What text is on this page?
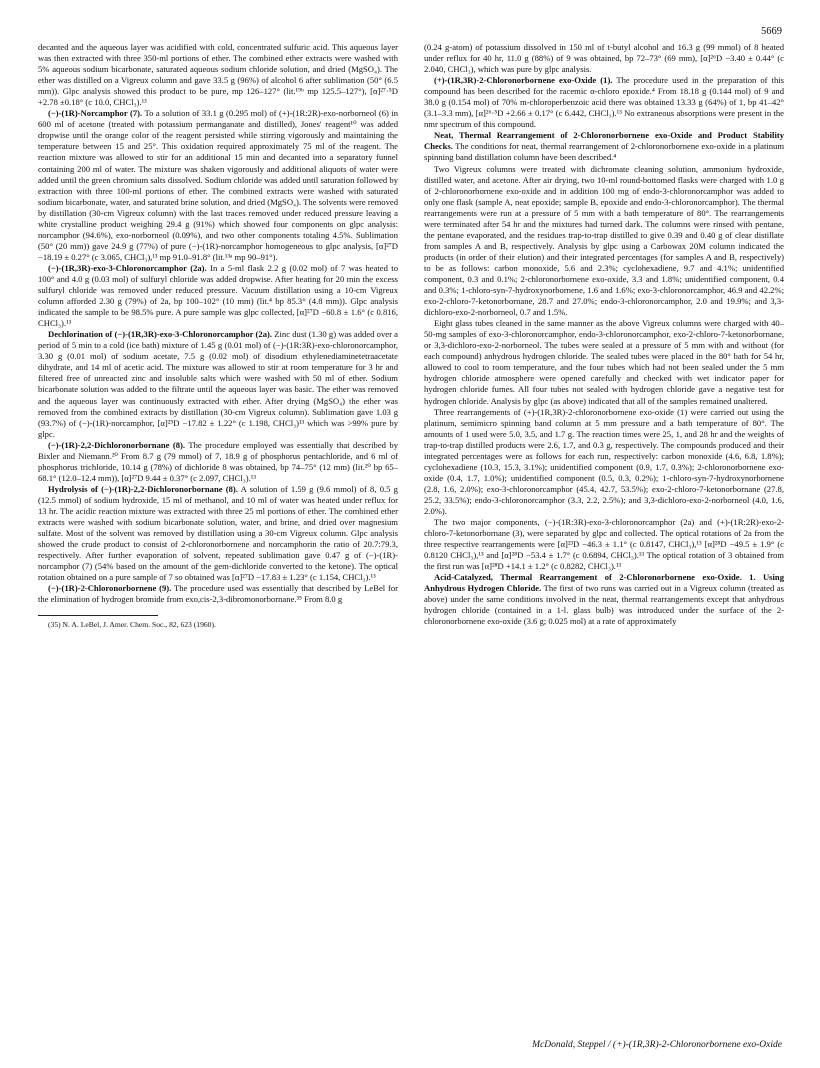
5669

decanted and the aqueous layer was acidified with cold, concentrated sulfuric acid. This aqueous layer was then extracted with three 350-ml portions of ether. The combined ether extracts were washed with 5% aqueous sodium bicarbonate, saturated aqueous sodium chloride solution, and dried (MgSO₄). The ether was distilled on a Vigreux column and gave 33.5 g (96%) of alcohol 6 after sublimation (50° (6.5 mm)). Glpc analysis showed this product to be pure, mp 126–127° (lit.¹⁹ᵇ mp 125.5–127°), [α]²⁷·⁵D +2.78 ±0.18° (c 10.0, CHCl₃).¹³

(−)-(1R)-Norcamphor (7). To a solution of 33.1 g (0.295 mol) of (+)-(1R:2R)-exo-norborneol (6) in 600 ml of acetone (treated with potassium permanganate and distilled), Jones' reagent¹⁰ was added dropwise until the orange color of the reagent persisted while stirring vigorously and maintaining the temperature between 15 and 25°. This oxidation required approximately 75 ml of the reagent. The reaction mixture was allowed to stir for an additional 15 min and decanted into a separatory funnel containing 200 ml of water. The mixture was shaken vigorously and additional aliquots of water were added until the green chromium salts dissolved. Sodium chloride was added until saturation followed by extraction with three 100-ml portions of ether. The combined extracts were washed with saturated sodium bicarbonate, water, and saturated brine solution, and dried (MgSO₄). The solvents were removed by distillation (30-cm Vigreux column) with the last traces removed under reduced pressure leaving a white crystalline product weighing 29.4 g (91%) which showed four components on glpc analysis: norcamphor (94.6%), exo-norborneol (0.09%), and two other components totaling 4.5%. Sublimation (50° (20 mm)) gave 24.9 g (77%) of pure (−)-(1R)-norcamphor homogeneous to glpc analysis, [α]²⁷D −18.19 ± 0.27° (c 3.065, CHCl₃),¹³ mp 91.0–91.8° (lit.¹³ᵃ mp 90–91°).

(−)-(1R,3R)-exo-3-Chloronorcamphor (2a). In a 5-ml flask 2.2 g (0.02 mol) of 7 was heated to 100° and 4.0 g (0.03 mol) of sulfuryl chloride was added dropwise. After heating for 20 min the excess sulfuryl chloride was removed under reduced pressure. Vacuum distillation using a 10-cm Vigreux column afforded 2.30 g (79%) of 2a, bp 100–102° (10 mm) (lit.⁴ bp 85.3° (4.8 mm)). Glpc analysis indicated the sample to be 98.5% pure. A pure sample was glpc collected, [α]²⁷D −60.8 ± 1.6° (c 0.816, CHCl₃).¹³

Dechlorination of (−)-(1R,3R)-exo-3-Chloronorcamphor (2a). Zinc dust (1.30 g) was added over a period of 5 min to a cold (ice bath) mixture of 1.45 g (0.01 mol) of (−)-(1R:3R)-exo-chloronorcamphor, 3.30 g (0.01 mol) of sodium acetate, 7.5 g (0.02 mol) of disodium ethylenediaminetetraacetate dihydrate, and 14 ml of acetic acid. The mixture was allowed to stir at room temperature for 3 hr and filtered free of unreacted zinc and insoluble salts which were washed with 50 ml of ether. Sodium bicarbonate solution was added to the filtrate until the aqueous layer was basic. The ether was removed and the aqueous layer was continuously extracted with ether. After drying (MgSO₄) the ether was removed from the combined extracts by distillation (30-cm Vigreux column). Sublimation gave 1.03 g (93.7%) of (−)-(1R)-norcamphor, [α]²⁵D −17.82 ± 1.22° (c 1.198, CHCl₃)¹³ which was >99% pure by glpc.

(−)-(1R)-2,2-Dichloronorbornane (8). The procedure employed was essentially that described by Bixler and Niemann.²⁰ From 8.7 g (79 mmol) of 7, 18.9 g of phosphorus pentachloride, and 6 ml of phosphorus trichloride, 10.14 g (78%) of dichloride 8 was obtained, bp 74–75° (12 mm) (lit.²⁰ bp 65–68.1° (12.0–12.4 mm)), [α]²⁷D 9.44 ± 0.37° (c 2.097, CHCl₃).¹³

Hydrolysis of (−)-(1R)-2,2-Dichloronorbornane (8). A solution of 1.59 g (9.6 mmol) of 8, 0.5 g (12.5 mmol) of sodium hydroxide, 15 ml of methanol, and 10 ml of water was heated under reflux for 13 hr. The acidic reaction mixture was extracted with three 25 ml portions of ether. The combined ether extracts were washed with sodium bicarbonate solution, water, and brine, and dried over magnesium sulfate. Most of the solvent was removed by distillation using a 30-cm Vigreux column. Glpc analysis showed the crude product to consist of 2-chloronorbornene and norcamphorin the ratio of 20.7:79.3, respectively. After further evaporation of solvent, repeated sublimation gave 0.47 g of (−)-(1R)-norcamphor (7) (54% based on the amount of the gem-dichloride converted to the ketone). The optical rotation obtained on a pure sample of 7 so obtained was [α]²⁷D −17.83 ± 1.23° (c 1.154, CHCl₃).¹³

(−)-(1R)-2-Chloronorbornene (9). The procedure used was essentially that described by LeBel for the elimination of hydrogen bromide from exo,cis-2,3-dibromonorbornane.³⁵ From 8.0 g

(35) N. A. LeBel, J. Amer. Chem. Soc., 82, 623 (1960).

(0.24 g-atom) of potassium dissolved in 150 ml of t-butyl alcohol and 16.3 g (99 mmol) of 8 heated under reflux for 40 hr, 11.0 g (88%) of 9 was obtained, bp 72–73° (69 mm), [α]²⁶D −3.40 ± 0.44° (c 2.040, CHCl₃), which was pure by glpc analysis.

(+)-(1R,3R)-2-Chloronorbornene exo-Oxide (1). The procedure used in the preparation of this compound has been described for the racemic α-chloro epoxide.⁴ From 18.18 g (0.144 mol) of 9 and 38.0 g (0.154 mol) of 70% m-chloroperbenzoic acid there was obtained 13.33 g (64%) of 1, bp 41–42° (3.1–3.3 mm), [α]²⁶·⁵D +2.66 ± 0.17° (c 6.442, CHCl₃).¹³ No extraneous absorptions were present in the nmr spectrum of this compound.

Neat, Thermal Rearrangement of 2-Chloronorbornene exo-Oxide and Product Stability Checks. The conditions for neat, thermal rearrangement of 2-chloronorbornene exo-oxide in a platinum spinning band distillation column have been described.⁴

Two Vigreux columns were treated with dichromate cleaning solution, ammonium hydroxide, distilled water, and acetone. After air drying, two 10-ml round-bottomed flasks were charged with 1.0 g of 2-chloronorbornene exo-oxide and in addition 100 mg of endo-3-chloronorcamphor was added to only one flask (sample A, neat epoxide; sample B, epoxide and endo-3-chloronorcamphor). The thermal rearrangements were run at a pressure of 5 mm with a bath temperature of 80°. The rearrangements were terminated after 54 hr and the mixtures had turned dark. The columns were rinsed with pentane, the pentane evaporated, and the residues trap-to-trap distilled to give 0.39 and 0.40 g of clear distillate from samples A and B, respectively. Analysis by glpc using a Carbowax 20M column indicated the products (in order of their elution) and their integrated percentages (for samples A and B, respectively) to be as follows: carbon monoxide, 5.6 and 2.3%; cyclohexadiene, 9.7 and 4.1%; unidentified component, 0.3 and 0.1%; 2-chloronorbornene exo-oxide, 3.3 and 1.8%; unidentified component, 0.4 and 0.3%; 1-chloro-syn-7-hydroxynorbornene, 1.6 and 1.6%; exo-3-chloronorcamphor, 46.9 and 42.2%; exo-2-chloro-7-ketonorbornane, 28.7 and 27.0%; endo-3-chloronorcamphor, 2.0 and 19.9%; and 3,3-dichloro-exo-2-norborneol, 0.7 and 1.5%.

Eight glass tubes cleaned in the same manner as the above Vigreux columns were charged with 40–50-mg samples of exo-3-chloronorcamphor, endo-3-chloronorcamphor, exo-2-chloro-7-ketonorbornane, or 3,3-dichloro-exo-2-norborneol. The tubes were sealed at a pressure of 5 mm with and without (for each compound) anhydrous hydrogen chloride. The sealed tubes were placed in the 80° bath for 54 hr, allowed to cool to room temperature, and the four tubes which had not been sealed under the 5 mm hydrogen chloride atmosphere were opened carefully and checked with wet indicator paper for hydrogen chloride fumes. All four tubes not sealed with hydrogen chloride gave a negative test for hydrogen chloride. Analysis by glpc (as above) indicated that all of the samples remained unaltered.

Three rearrangements of (+)-(1R,3R)-2-chloronorbornene exo-oxide (1) were carried out using the platinum, semimicro spinning band column at 5 mm pressure and a bath temperature of 80°. The amounts of 1 used were 5.0, 3.5, and 1.7 g. The reaction times were 25, 1, and 28 hr and the weights of trap-to-trap distilled products were 2.6, 1.7, and 0.3 g, respectively. The compounds produced and their integrated percentages were as follows for each run, respectively: carbon monoxide (4.6, 6.8, 1.8%); cyclohexadiene (10.3, 15.3, 3.1%); unidentified component (0.9, 1.7, 0.3%); 2-chloronorbornene exo-oxide (0.4, 1.7, 1.0%); unidentified component (0.5, 0.3, 0.2%); 1-chloro-syn-7-hydroxynorbornene (2.8, 1.6, 2.0%); exo-3-chloronorcamphor (45.4, 42.7, 53.5%); exo-2-chloro-7-ketonorbornane (27.8, 25.2, 33.5%); endo-3-chloronorcamphor (3.3, 2.2, 2.5%); and 3,3-dichloro-exo-2-norborneol (4.0, 1.6, 2.0%).

The two major components, (−)-(1R:3R)-exo-3-chloronorcamphor (2a) and (+)-(1R:2R)-exo-2-chloro-7-ketonorbornane (3), were separated by glpc and collected. The optical rotations of 2a from the three respective rearrangements were [α]²³D −46.3 ± 1.1° (c 0.8147, CHCl₃),¹³ [α]²⁸D −49.5 ± 1.9° (c 0.8120 CHCl₃),¹³ and [α]²⁸D −53.4 ± 1.7° (c 0.6894, CHCl₃).¹³ The optical rotation of 3 obtained from the first run was [α]²⁸D +14.1 ± 1.2° (c 0.8282, CHCl₃).¹³

Acid-Catalyzed, Thermal Rearrangement of 2-Chloronorbornene exo-Oxide. 1. Using Anhydrous Hydrogen Chloride. The first of two runs was carried out in a Vigreux column (treated as above) under the same conditions involved in the neat, thermal rearrangements except that anhydrous hydrogen chloride (contained in a 1-l. glass bulb) was introduced under the surface of the 2-chloronorbornene exo-oxide (3.6 g; 0.025 mol) at a rate of approximately

McDonald, Steppel / (+)-(1R,3R)-2-Chloronorbornene exo-Oxide
